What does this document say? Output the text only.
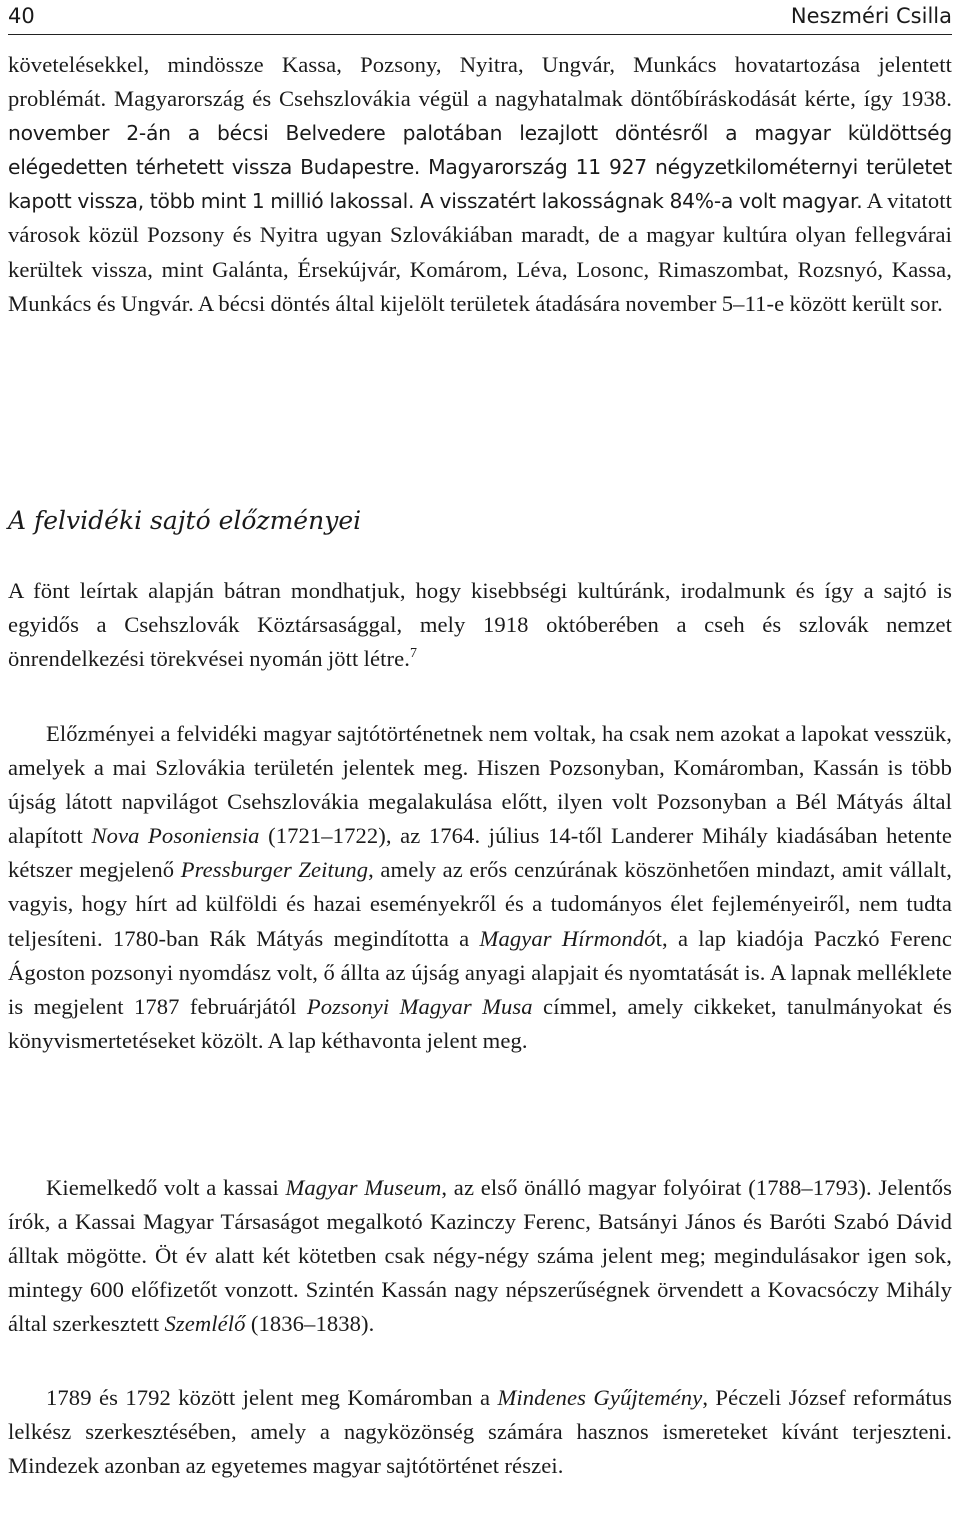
40	Neszméri Csilla

követelésekkel, mindössze Kassa, Pozsony, Nyitra, Ungvár, Munkács hovatartozása jelentett problémát. Magyarország és Csehszlovákia végül a nagyhatalmak döntőbíráskodását kérte, így 1938. november 2-án a bécsi Belvedere palotában lezajlott döntésről a magyar küldöttség elégedetten térhetett vissza Budapestre. Magyarország 11 927 négyzetkilométernyi területet kapott vissza, több mint 1 millió lakossal. A visszatért lakosságnak 84%-a volt magyar. A vitatott városok közül Pozsony és Nyitra ugyan Szlovákiában maradt, de a magyar kultúra olyan fellegvárai kerültek vissza, mint Galánta, Érsekújvár, Komárom, Léva, Losonc, Rimaszombat, Rozsnyó, Kassa, Munkács és Ungvár. A bécsi döntés által kijelölt területek átadására november 5–11-e között került sor.

A felvidéki sajtó előzményei

A fönt leírtak alapján bátran mondhatjuk, hogy kisebbségi kultúránk, irodalmunk és így a sajtó is egyidős a Csehszlovák Köztársasággal, mely 1918 októberében a cseh és szlovák nemzet önrendelkezési törekvései nyomán jött létre.$^7$

Előzményei a felvidéki magyar sajtótörténetnek nem voltak, ha csak nem azokat a lapokat vesszük, amelyek a mai Szlovákia területén jelentek meg. Hiszen Pozsonyban, Komáromban, Kassán is több újság látott napvilágot Csehszlovákia megalakulása előtt, ilyen volt Pozsonyban a Bél Mátyás által alapított Nova Posoniensia (1721–1722), az 1764. július 14-től Landerer Mihály kiadásában hetente kétszer megjelenő Pressburger Zeitung, amely az erős cenzúrának köszönhetően mindazt, amit vállalt, vagyis, hogy hírt ad külföldi és hazai eseményekről és a tudományos élet fejleményeiről, nem tudta teljesíteni. 1780-ban Rák Mátyás megindította a Magyar Hírmondót, a lap kiadója Paczkó Ferenc Ágoston pozsonyi nyomdász volt, ő állta az újság anyagi alapjait és nyomtatását is. A lapnak melléklete is megjelent 1787 februárjától Pozsonyi Magyar Musa címmel, amely cikkeket, tanulmányokat és könyvismertetéseket közölt. A lap kéthavonta jelent meg.

Kiemelkedő volt a kassai Magyar Museum, az első önálló magyar folyóirat (1788–1793). Jelentős írók, a Kassai Magyar Társaságot megalkotó Kazinczy Ferenc, Batsányi János és Baróti Szabó Dávid álltak mögötte. Öt év alatt két kötetben csak négy-négy száma jelent meg; megindulásakor igen sok, mintegy 600 előfizetőt vonzott. Szintén Kassán nagy népszerűségnek örvendett a Kovacsóczy Mihály által szerkesztett Szemlélő (1836–1838).

1789 és 1792 között jelent meg Komáromban a Mindenes Gyűjtemény, Péczeli József református lelkész szerkesztésében, amely a nagyközönség számára hasznos ismereteket kívánt terjeszteni. Mindezek azonban az egyetemes magyar sajtótörténet részei.
